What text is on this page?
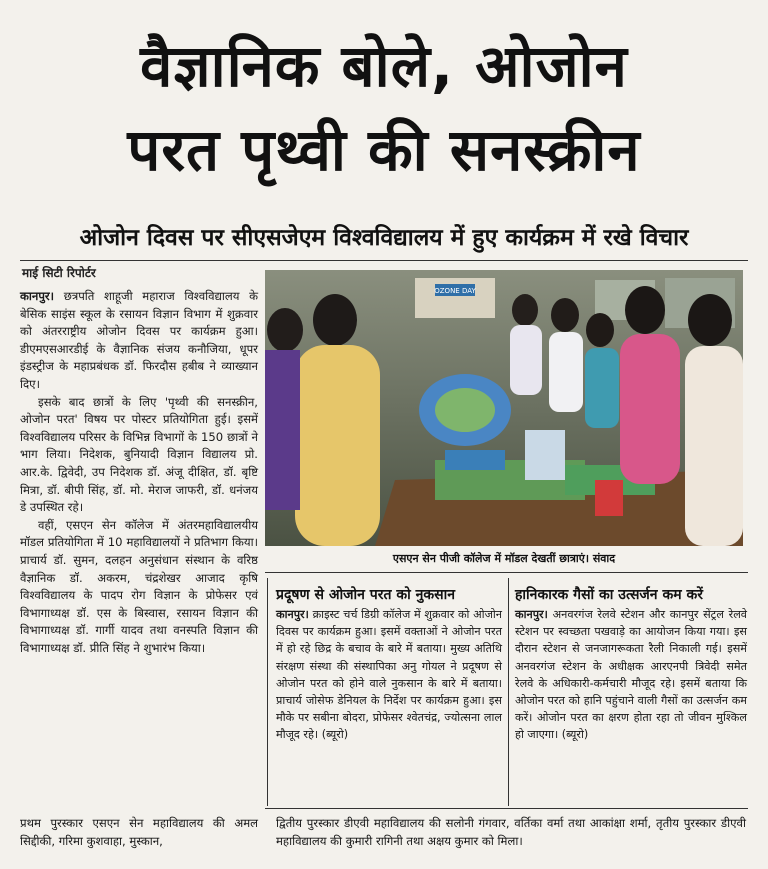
वैज्ञानिक बोले, ओजोन
परत पृथ्वी की सनस्क्रीन
ओजोन दिवस पर सीएसजेएम विश्वविद्यालय में हुए कार्यक्रम में रखे विचार
माई सिटी रिपोर्टर

कानपुर। छत्रपति शाहूजी महाराज विश्वविद्यालय के बेसिक साइंस स्कूल के रसायन विज्ञान विभाग में शुक्रवार को अंतरराष्ट्रीय ओजोन दिवस पर कार्यक्रम हुआ। डीएमएसआरडीई के वैज्ञानिक संजय कनौजिया, धूपर इंडस्ट्रीज के महाप्रबंधक डॉ. फिरदौस हबीब ने व्याख्यान दिए।

इसके बाद छात्रों के लिए 'पृथ्वी की सनस्क्रीन, ओजोन परत' विषय पर पोस्टर प्रतियोगिता हुई। इसमें विश्वविद्यालय परिसर के विभिन्न विभागों के 150 छात्रों ने भाग लिया। निदेशक, बुनियादी विज्ञान विद्यालय प्रो. आर.के. द्विवेदी, उप निदेशक डॉ. अंजू दीक्षित, डॉ. बृष्टि मित्रा, डॉ. बीपी सिंह, डॉ. मो. मेराज जाफरी, डॉ. धनंजय डे उपस्थित रहे।

वहीं, एसएन सेन कॉलेज में अंतरमहाविद्यालयीय मॉडल प्रतियोगिता में 10 महाविद्यालयों ने प्रतिभाग किया। प्राचार्य डॉ. सुमन, दलहन अनुसंधान संस्थान के वरिष्ठ वैज्ञानिक डॉ. अकरम, चंद्रशेखर आजाद कृषि विश्वविद्यालय के पादप रोग विज्ञान के प्रोफेसर एवं विभागाध्यक्ष डॉ. एस के बिस्वास, रसायन विज्ञान की विभागाध्यक्ष डॉ. गार्गी यादव तथा वनस्पति विज्ञान की विभागाध्यक्ष डॉ. प्रीति सिंह ने शुभारंभ किया।

OZONE DAY
एसएन सेन पीजी कॉलेज में मॉडल देखतीं छात्राएं। संवाद
प्रदूषण से ओजोन परत को नुकसान

कानपुर। क्राइस्ट चर्च डिग्री कॉलेज में शुक्रवार को ओजोन दिवस पर कार्यक्रम हुआ। इसमें वक्ताओं ने ओजोन परत में हो रहे छिद्र के बचाव के बारे में बताया। मुख्य अतिथि संरक्षण संस्था की संस्थापिका अनु गोयल ने प्रदूषण से ओजोन परत को होने वाले नुकसान के बारे में बताया। प्राचार्य जोसेफ डेनियल के निर्देश पर कार्यक्रम हुआ। इस मौके पर सबीना बोदरा, प्रोफेसर श्वेतचंद्र, ज्योत्सना लाल मौजूद रहे। (ब्यूरो)

हानिकारक गैसों का उत्सर्जन कम करें

कानपुर। अनवरगंज रेलवे स्टेशन और कानपुर सेंट्रल रेलवे स्टेशन पर स्वच्छता पखवाड़े का आयोजन किया गया। इस दौरान स्टेशन से जनजागरूकता रैली निकाली गई। इसमें अनवरगंज स्टेशन के अधीक्षक आरएनपी त्रिवेदी समेत रेलवे के अधिकारी-कर्मचारी मौजूद रहे। इसमें बताया कि ओजोन परत को हानि पहुंचाने वाली गैसों का उत्सर्जन कम करें। ओजोन परत का क्षरण होता रहा तो जीवन मुश्किल हो जाएगा। (ब्यूरो)

प्रथम पुरस्कार एसएन सेन महाविद्यालय की अमल सिद्दीकी, गरिमा कुशवाहा, मुस्कान,
द्वितीय पुरस्कार डीएवी महाविद्यालय की सलोनी गंगवार, वर्तिका वर्मा तथा आकांक्षा शर्मा, तृतीय पुरस्कार डीएवी महाविद्यालय की कुमारी रागिनी तथा अक्षय कुमार को मिला।
